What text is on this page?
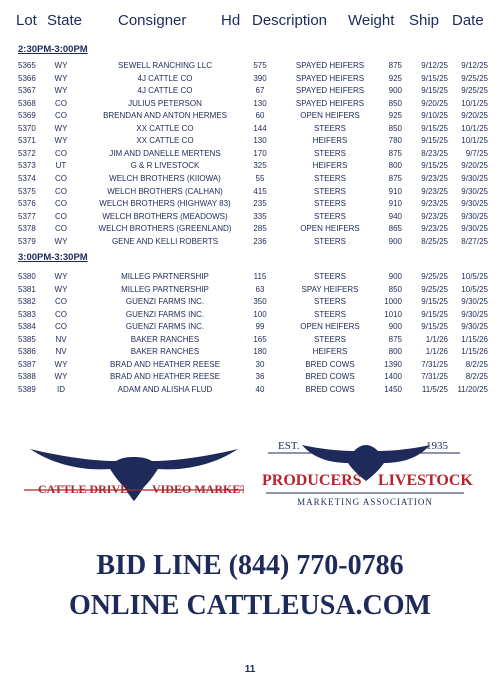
Lot State Consigner Hd Description Weight Ship Date
2:30PM-3:00PM
5365	WY	SEWELL RANCHING LLC	575	SPAYED HEIFERS	875	9/12/25	9/12/25
5366	WY	4J CATTLE CO	390	SPAYED HEIFERS	925	9/15/25	9/25/25
5367	WY	4J CATTLE CO	67	SPAYED HEIFERS	900	9/15/25	9/25/25
5368	CO	JULIUS PETERSON	130	SPAYED HEIFERS	850	9/20/25	10/1/25
5369	CO	BRENDAN AND ANTON HERMES	60	OPEN HEIFERS	925	9/10/25	9/20/25
5370	WY	XX CATTLE CO	144	STEERS	850	9/15/25	10/1/25
5371	WY	XX CATTLE CO	130	HEIFERS	780	9/15/25	10/1/25
5372	CO	JIM AND DANELLE MERTENS	170	STEERS	875	8/23/25	9/7/25
5373	UT	G & R LIVESTOCK	325	HEIFERS	800	9/15/25	9/20/25
5374	CO	WELCH BROTHERS (KIIOWA)	55	STEERS	875	9/23/25	9/30/25
5375	CO	WELCH BROTHERS (CALHAN)	415	STEERS	910	9/23/25	9/30/25
5376	CO	WELCH BROTHERS (HIGHWAY 83)	235	STEERS	910	9/23/25	9/30/25
5377	CO	WELCH BROTHERS (MEADOWS)	335	STEERS	940	9/23/25	9/30/25
5378	CO	WELCH BROTHERS (GREENLAND)	285	OPEN HEIFERS	865	9/23/25	9/30/25
5379	WY	GENE AND KELLI ROBERTS	236	STEERS	900	8/25/25	8/27/25
3:00PM-3:30PM
5380	WY	MILLEG PARTNERSHIP	115	STEERS	900	9/25/25	10/5/25
5381	WY	MILLEG PARTNERSHIP	63	SPAY HEIFERS	850	9/25/25	10/5/25
5382	CO	GUENZI FARMS INC.	350	STEERS	1000	9/15/25	9/30/25
5383	CO	GUENZI FARMS INC.	100	STEERS	1010	9/15/25	9/30/25
5384	CO	GUENZI FARMS INC.	99	OPEN HEIFERS	900	9/15/25	9/30/25
5385	NV	BAKER RANCHES	165	STEERS	875	1/1/26	1/15/26
5386	NV	BAKER RANCHES	180	HEIFERS	800	1/1/26	1/15/26
5387	WY	BRAD AND HEATHER REESE	30	BRED COWS	1390	7/31/25	8/2/25
5388	WY	BRAD AND HEATHER REESE	36	BRED COWS	1400	7/31/25	8/2/25
5389	ID	ADAM AND ALISHA FLUD	40	BRED COWS	1450	11/5/25	11/20/25
CATTLE DRIVE VIDEO MARKET
EST.	1935
PRODUCERS LIVESTOCK
MARKETING ASSOCIATION
BID LINE (844) 770-0786
ONLINE CATTLEUSA.COM
11
